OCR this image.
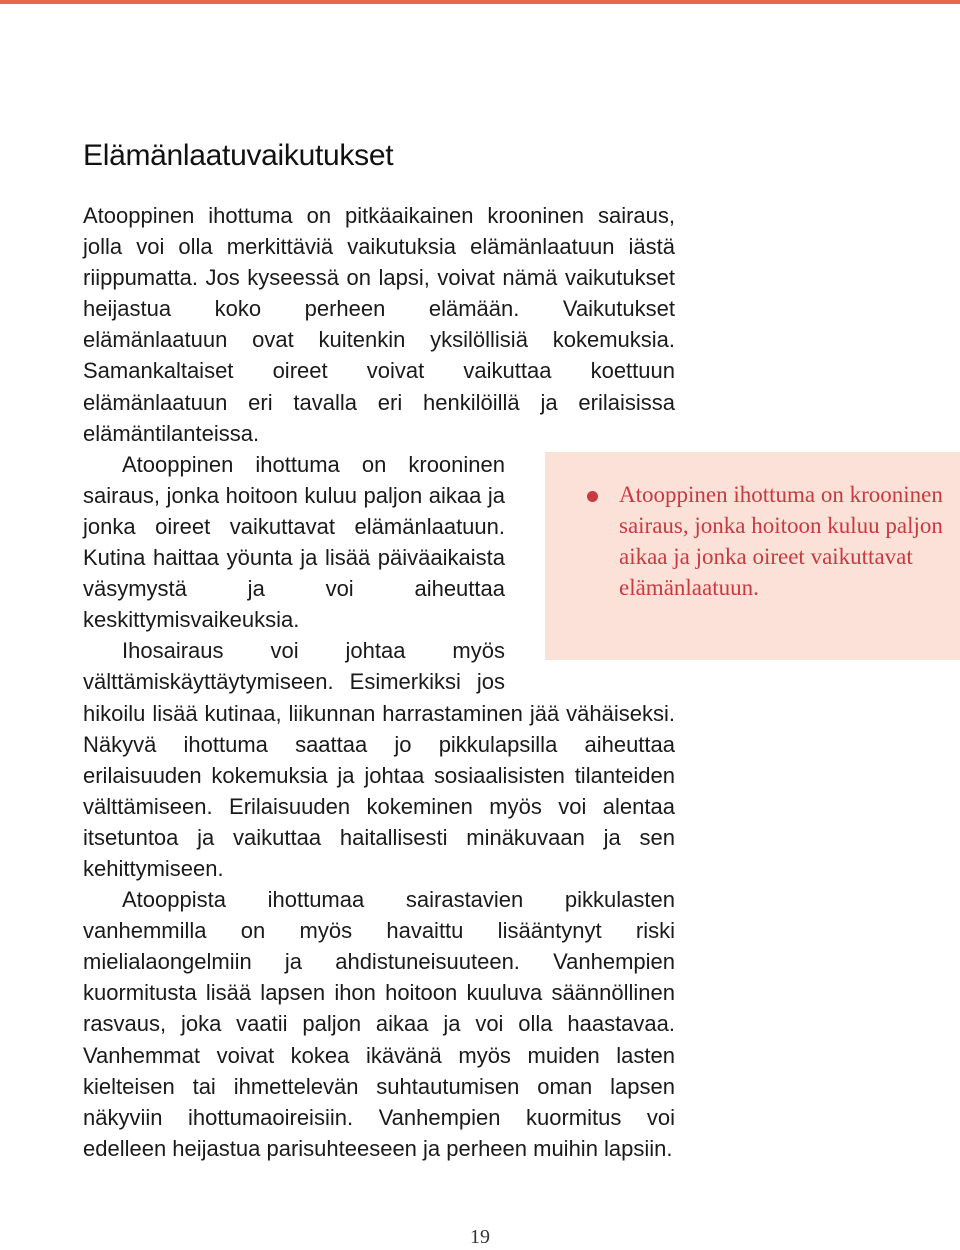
Elämänlaatuvaikutukset

Atooppinen ihottuma on pitkäaikainen krooninen sairaus, jolla voi olla merkittäviä vaikutuksia elämänlaatuun iästä riippumatta. Jos kyseessä on lapsi, voivat nämä vaikutukset heijastua koko perheen elämään. Vaikutukset elämänlaatuun ovat kuitenkin yksilöllisiä kokemuksia. Samankaltaiset oireet voivat vaikuttaa koettuun elämänlaatuun eri tavalla eri henkilöillä ja erilaisissa elämäntilanteissa.

Atooppinen ihottuma on krooninen sairaus, jonka hoitoon kuluu paljon aikaa ja jonka oireet vaikuttavat elämänlaatuun. Kutina haittaa yöunta ja lisää päiväaikaista väsymystä ja voi aiheuttaa keskittymisvaikeuksia.

Ihosairaus voi johtaa myös välttämiskäyttäytymiseen. Esimerkiksi jos hikoilu lisää kutinaa, liikunnan harrastaminen jää vähäiseksi. Näkyvä ihottuma saattaa jo pikkulapsilla aiheuttaa erilaisuuden kokemuksia ja johtaa sosiaalisisten tilanteiden välttämiseen. Erilaisuuden kokeminen myös voi alentaa itsetuntoa ja vaikuttaa haitallisesti minäkuvaan ja sen kehittymiseen.

Atooppista ihottumaa sairastavien pikkulasten vanhemmilla on myös havaittu lisääntynyt riski mielialaongelmiin ja ahdistuneisuuteen. Vanhempien kuormitusta lisää lapsen ihon hoitoon kuuluva säännöllinen rasvaus, joka vaatii paljon aikaa ja voi olla haastavaa. Vanhemmat voivat kokea ikävänä myös muiden lasten kielteisen tai ihmettelevän suhtautumisen oman lapsen näkyviin ihottumaoireisiin. Vanhempien kuormitus voi edelleen heijastua parisuhteeseen ja perheen muihin lapsiin.

Atooppinen ihottuma on krooninen sairaus, jonka hoitoon kuluu paljon aikaa ja jonka oireet vaikuttavat elämänlaatuun.

19
